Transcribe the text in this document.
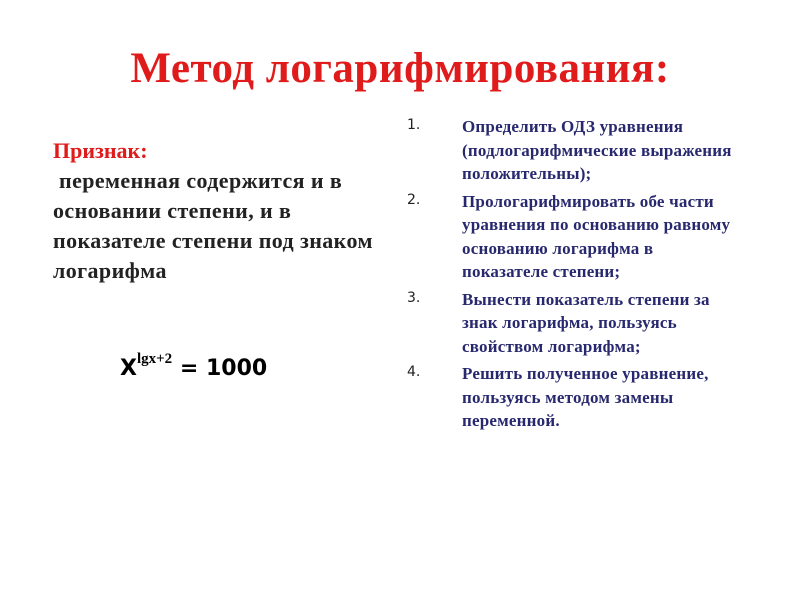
Метод логарифмирования:
Признак:
переменная содержится и в основании степени, и в показателе степени под знаком логарифма
$X^{lgx+2} = 1000$
1. Определить ОДЗ уравнения (подлогарифмические выражения положительны);
2. Прологарифмировать обе части уравнения по основанию равному основанию логарифма в показателе степени;
3. Вынести показатель степени за знак логарифма, пользуясь свойством логарифма;
4. Решить полученное уравнение, пользуясь методом замены переменной.
